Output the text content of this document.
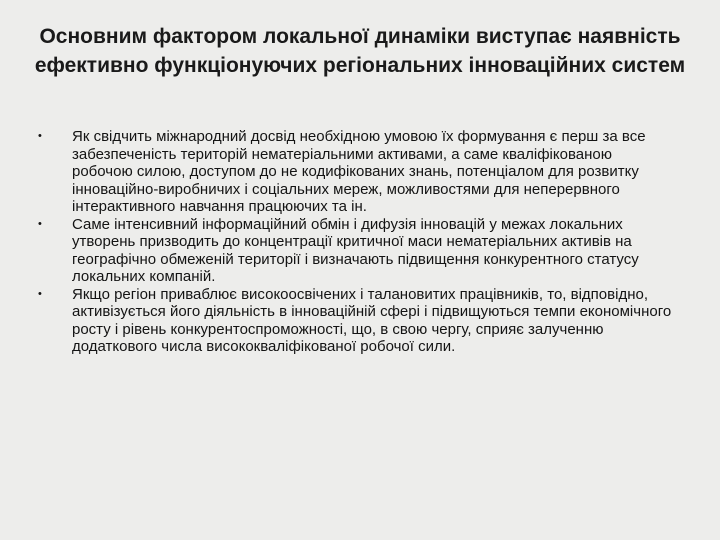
Основним фактором локальної динаміки виступає наявність ефективно функціонуючих регіональних інноваційних систем
•	Як свідчить міжнародний досвід необхідною умовою їх формування є перш за все забезпеченість територій нематеріальними активами, а саме кваліфікованою робочою силою, доступом до не кодифікованих знань, потенціалом для розвитку інноваційно-виробничих і соціальних мереж, можливостями для неперервного інтерактивного навчання працюючих та ін.
•	Саме інтенсивний інформаційний обмін і дифузія інновацій у межах локальних утворень призводить до концентрації критичної маси нематеріальних активів на географічно обмеженій території і визначають підвищення конкурентного статусу локальних компаній.
•	Якщо регіон приваблює високоосвічених і талановитих працівників, то, відповідно, активізується його діяльність в інноваційній сфері і підвищуються темпи економічного росту і рівень конкурентоспроможності, що, в свою чергу, сприяє залученню додаткового числа висококваліфікованої робочої сили.
